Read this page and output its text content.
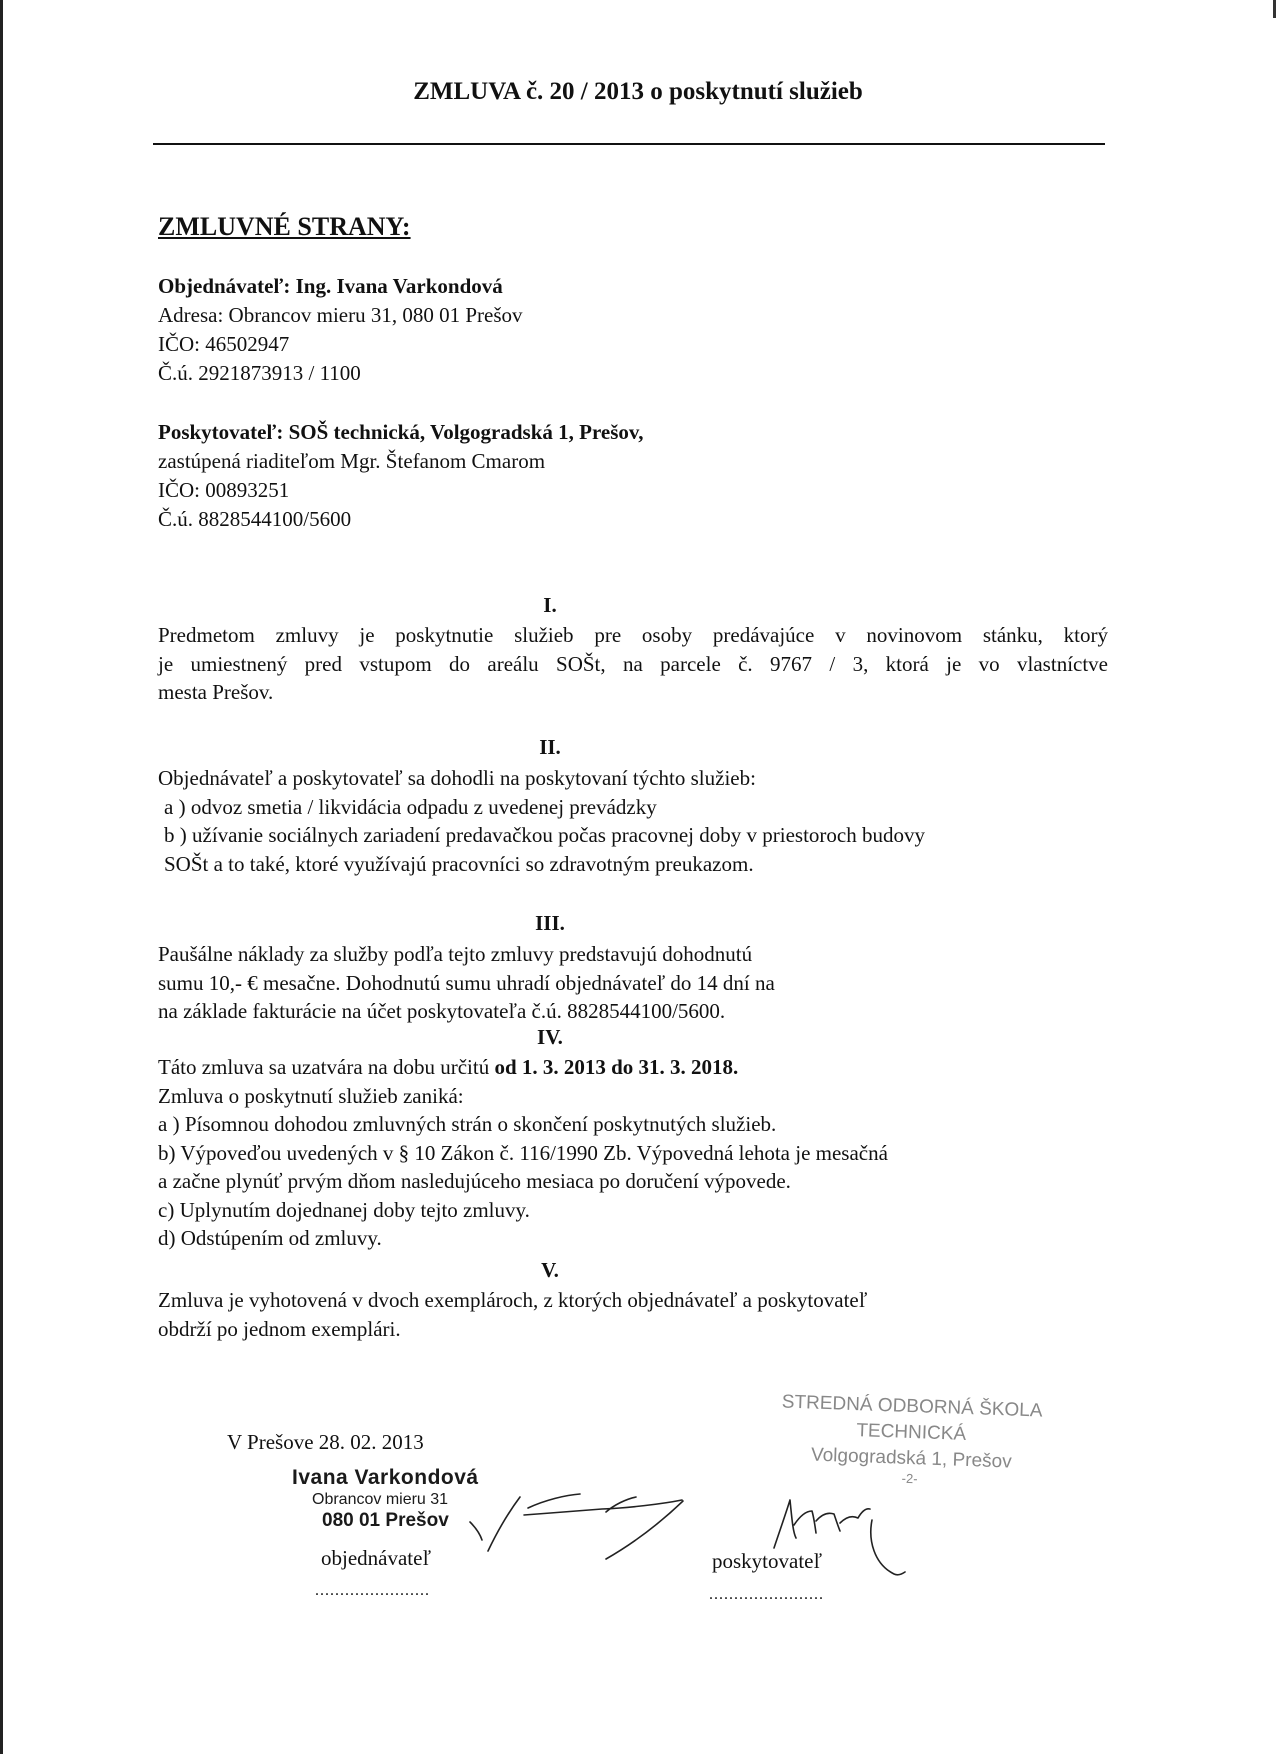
ZMLUVA č. 20 / 2013 o poskytnutí služieb
ZMLUVNÉ STRANY:
Objednávateľ: Ing. Ivana Varkondová
Adresa: Obrancov mieru 31, 080 01 Prešov
IČO: 46502947
Č.ú. 2921873913 / 1100
Poskytovateľ: SOŠ technická, Volgogradská 1, Prešov,
zastúpená riaditeľom Mgr. Štefanom Cmarom
IČO: 00893251
Č.ú. 8828544100/5600
I.
Predmetom zmluvy je poskytnutie služieb pre osoby predávajúce v novinovom stánku, ktorý
je umiestnený pred vstupom do areálu SOŠt, na parcele č. 9767 / 3, ktorá je vo vlastníctve
mesta Prešov.
II.
Objednávateľ a poskytovateľ sa dohodli na poskytovaní týchto služieb:
a ) odvoz smetia / likvidácia odpadu z uvedenej prevádzky
b ) užívanie sociálnych zariadení predavačkou počas pracovnej doby v priestoroch budovy
SOŠt a to také, ktoré využívajú pracovníci so zdravotným preukazom.
III.
Paušálne náklady za služby podľa tejto zmluvy predstavujú dohodnutú
sumu 10,- € mesačne. Dohodnutú sumu uhradí objednávateľ do 14 dní na
na základe fakturácie na účet poskytovateľa č.ú. 8828544100/5600.
IV.
Táto zmluva sa uzatvára na dobu určitú od 1. 3. 2013 do 31. 3. 2018.
Zmluva o poskytnutí služieb zaniká:
a ) Písomnou dohodou zmluvných strán o skončení poskytnutých služieb.
b) Výpoveďou uvedených v § 10 Zákon č. 116/1990 Zb. Výpovedná lehota je mesačná
a začne plynúť prvým dňom nasledujúceho mesiaca po doručení výpovede.
c) Uplynutím dojednanej doby tejto zmluvy.
d) Odstúpením od zmluvy.
V.
Zmluva je vyhotovená v dvoch exemplároch, z ktorých objednávateľ a poskytovateľ
obdrží po jednom exemplári.
V Prešove 28. 02. 2013
Ivana Varkondová
Obrancov mieru 31
080 01 Prešov
objednávateľ
.......................
STREDNÁ ODBORNÁ ŠKOLA
TECHNICKÁ
Volgogradská 1, Prešov
-2-
poskytovateľ
.......................
